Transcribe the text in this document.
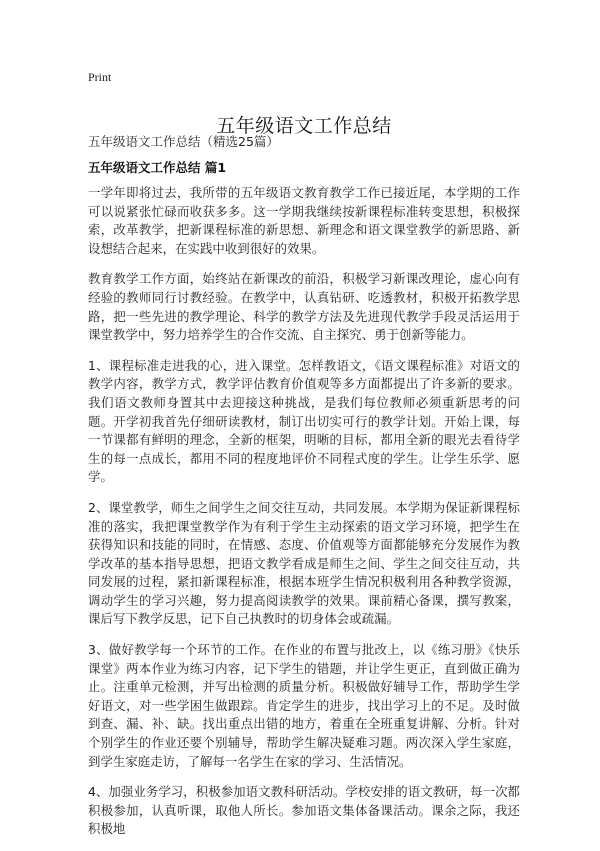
Print
五年级语文工作总结
五年级语文工作总结（精选25篇）
五年级语文工作总结 篇1

一学年即将过去，我所带的五年级语文教育教学工作已接近尾，本学期的工作可以说紧张忙碌而收获多多。这一学期我继续按新课程标准转变思想，积极探索，改革教学，把新课程标准的新思想、新理念和语文课堂教学的新思路、新设想结合起来，在实践中收到很好的效果。

教育教学工作方面，始终站在新课改的前沿，积极学习新课改理论，虚心向有经验的教师同行讨教经验。在教学中，认真钻研、吃透教材，积极开拓教学思路，把一些先进的教学理论、科学的教学方法及先进现代教学手段灵活运用于课堂教学中，努力培养学生的合作交流、自主探究、勇于创新等能力。

1、课程标准走进我的心，进入课堂。怎样教语文，《语文课程标准》对语文的教学内容，教学方式，教学评估教育价值观等多方面都提出了许多新的要求。我们语文教师身置其中去迎接这种挑战，是我们每位教师必须重新思考的问题。开学初我首先仔细研读教材，制订出切实可行的教学计划。开始上课，每一节课都有鲜明的理念，全新的框架，明晰的目标，都用全新的眼光去看待学生的每一点成长，都用不同的程度地评价不同程式度的学生。让学生乐学、愿学。

2、课堂教学，师生之间学生之间交往互动，共同发展。本学期为保证新课程标准的落实，我把课堂教学作为有利于学生主动探索的语文学习环境，把学生在获得知识和技能的同时，在情感、态度、价值观等方面都能够充分发展作为教学改革的基本指导思想，把语文教学看成是师生之间、学生之间交往互动，共同发展的过程，紧扣新课程标准，根据本班学生情况积极利用各种教学资源，调动学生的学习兴趣，努力提高阅读教学的效果。课前精心备课，撰写教案，课后写下教学反思，记下自己执教时的切身体会或疏漏。

3、做好教学每一个环节的工作。在作业的布置与批改上，以《练习册》《快乐课堂》两本作业为练习内容，记下学生的错题，并让学生更正，直到做正确为止。注重单元检测，并写出检测的质量分析。积极做好辅导工作，帮助学生学好语文，对一些学困生做跟踪。肯定学生的进步，找出学习上的不足。及时做到查、漏、补、缺。找出重点出错的地方，着重在全班重复讲解、分析。针对个别学生的作业还要个别辅导，帮助学生解决疑难习题。两次深入学生家庭，到学生家庭走访，了解每一名学生在家的学习、生活情况。

4、加强业务学习，积极参加语文教科研活动。学校安排的语文教研，每一次都积极参加，认真听课，取他人所长。参加语文集体备课活动。课余之际，我还积极地
